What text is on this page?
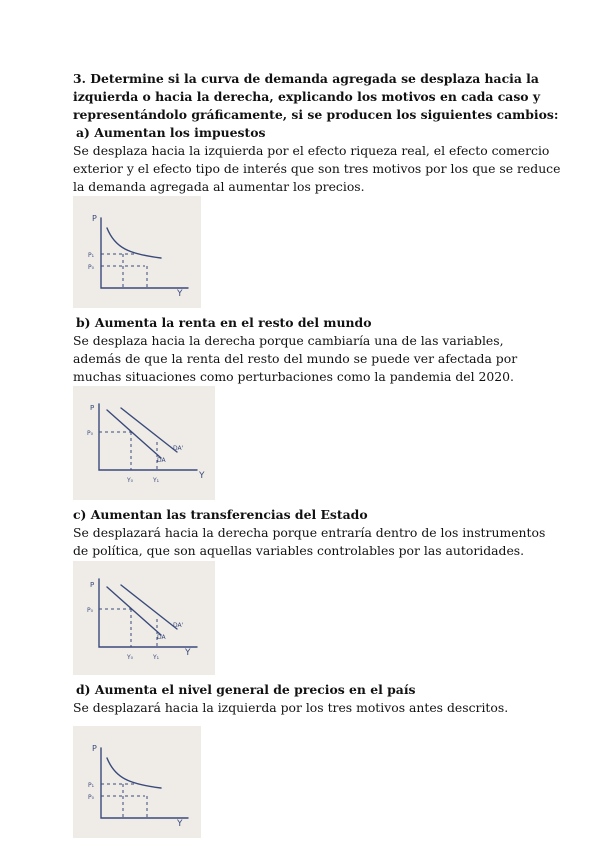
3. Determine si la curva de demanda agregada se desplaza hacia la

izquierda o hacia la derecha, explicando los motivos en cada caso y

representándolo gráficamente, si se producen los siguientes cambios:

a) Aumentan los impuestos

Se desplaza hacia la izquierda por el efecto riqueza real, el efecto comercio

exterior y el efecto tipo de interés que son tres motivos por los que se reduce

la demanda agregada al aumentar los precios.

P
Y
P₁
P₀

b) Aumenta la renta en el resto del mundo

Se desplaza hacia la derecha porque cambiaría una de las variables,

además de que la renta del resto del mundo se puede ver afectada por

muchas situaciones como perturbaciones como la pandemia del 2020.

P
Y
P₀
Y₀	Y₁
DA
DA'

c) Aumentan las transferencias del Estado

Se desplazará hacia la derecha porque entraría dentro de los instrumentos

de política, que son aquellas variables controlables por las autoridades.

P
Y
P₀
Y₀	Y₁
DA
DA'

d) Aumenta el nivel general de precios en el país

Se desplazará hacia la izquierda por los tres motivos antes descritos.

P
Y
P₁
P₀
